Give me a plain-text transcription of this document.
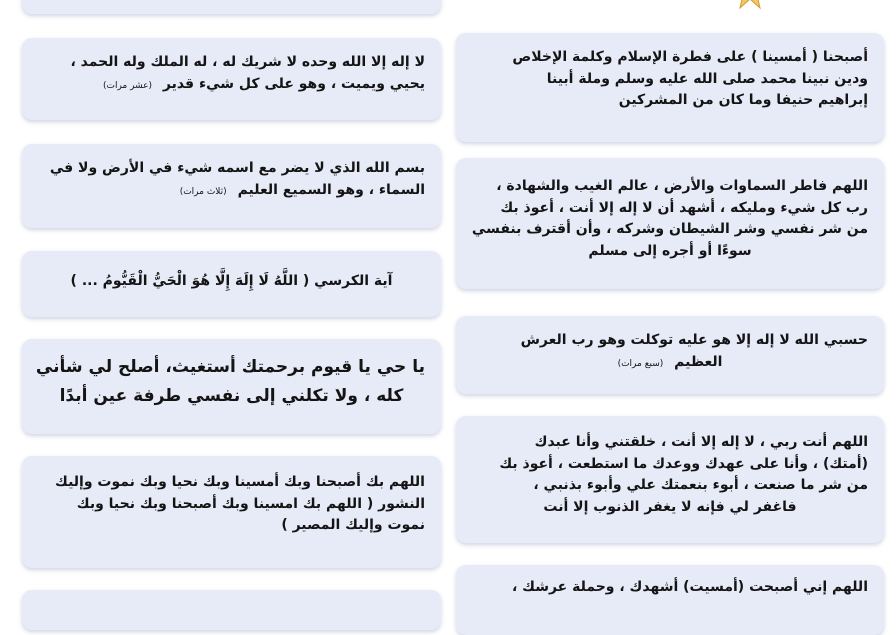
أصبحنا ( أمسينا ) على فطرة الإسلام وكلمة الإخلاص
ودين نبينا محمد صلى الله عليه وسلم وملة أبينا
إبراهيم حنيفا وما كان من المشركين
اللهم فاطر السماوات والأرض ، عالم الغيب والشهادة ،
رب كل شيء ومليكه ، أشهد أن لا إله إلا أنت ، أعوذ بك
من شر نفسي وشر الشيطان وشركه ، وأن أقترف بنفسي
سوءًا أو أجره إلى مسلم
حسبي الله لا إله إلا هو عليه توكلت وهو رب العرش
العظيم (سبع مرات)
اللهم أنت ربي ، لا إله إلا أنت ، خلقتني وأنا عبدك
(أمتك) ، وأنا على عهدك ووعدك ما استطعت ، أعوذ بك
من شر ما صنعت ، أبوء بنعمتك علي وأبوء بذنبي ،
فاغفر لي فإنه لا يغفر الذنوب إلا أنت
اللهم إني أصبحت (أمسيت) أشهدك ، وحملة عرشك ،
لا إله إلا الله وحده لا شريك له ، له الملك وله الحمد ،
يحيي ويميت ، وهو على كل شيء قدير (عشر مرات)
بسم الله الذي لا يضر مع اسمه شيء في الأرض ولا في
السماء ، وهو السميع العليم (ثلاث مرات)
آية الكرسي ( اللَّهُ لَا إِلَهَ إِلَّا هُوَ الْحَيُّ الْقَيُّومُ ... )
يا حي يا قيوم برحمتك أستغيث، أصلح لي شأني
كله ، ولا تكلني إلى نفسي طرفة عين أبدًا
اللهم بك أصبحنا وبك أمسينا وبك نحيا وبك نموت وإليك
النشور ( اللهم بك امسينا وبك أصبحنا وبك نحيا وبك
نموت وإليك المصير )
